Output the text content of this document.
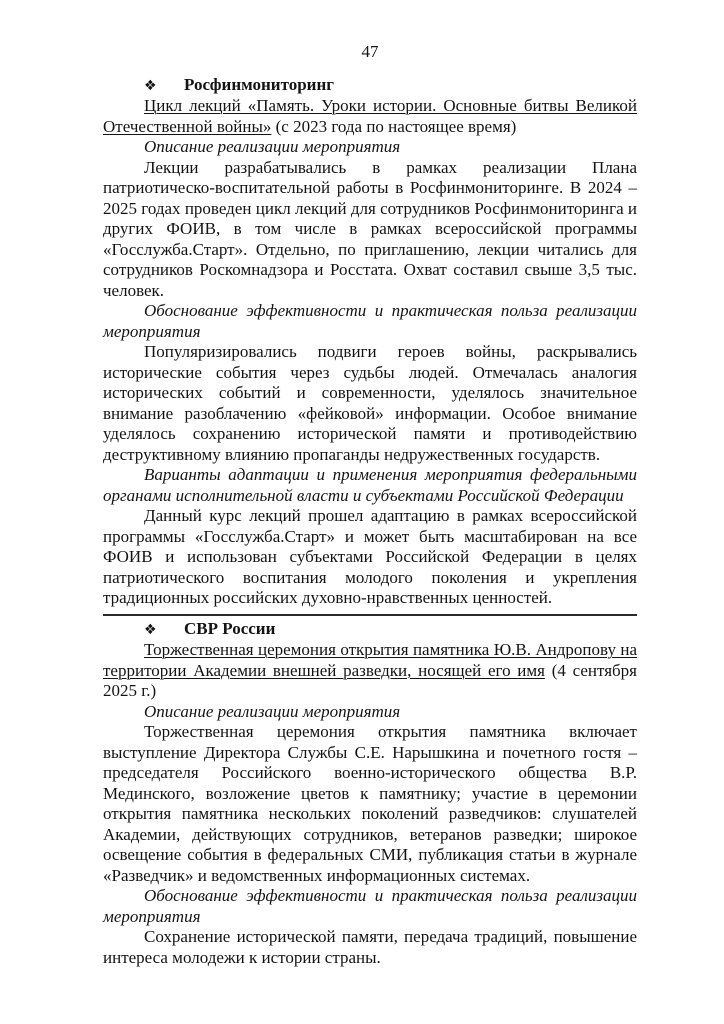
47

❖ Росфинмониторинг

Цикл лекций «Память. Уроки истории. Основные битвы Великой Отечественной войны» (с 2023 года по настоящее время)

Описание реализации мероприятия

Лекции разрабатывались в рамках реализации Плана патриотическо-воспитательной работы в Росфинмониторинге. В 2024 – 2025 годах проведен цикл лекций для сотрудников Росфинмониторинга и других ФОИВ, в том числе в рамках всероссийской программы «Госслужба.Старт». Отдельно, по приглашению, лекции читались для сотрудников Роскомнадзора и Росстата. Охват составил свыше 3,5 тыс. человек.

Обоснование эффективности и практическая польза реализации мероприятия

Популяризировались подвиги героев войны, раскрывались исторические события через судьбы людей. Отмечалась аналогия исторических событий и современности, уделялось значительное внимание разоблачению «фейковой» информации. Особое внимание уделялось сохранению исторической памяти и противодействию деструктивному влиянию пропаганды недружественных государств.

Варианты адаптации и применения мероприятия федеральными органами исполнительной власти и субъектами Российской Федерации

Данный курс лекций прошел адаптацию в рамках всероссийской программы «Госслужба.Старт» и может быть масштабирован на все ФОИВ и использован субъектами Российской Федерации в целях патриотического воспитания молодого поколения и укрепления традиционных российских духовно-нравственных ценностей.

❖ СВР России

Торжественная церемония открытия памятника Ю.В. Андропову на территории Академии внешней разведки, носящей его имя (4 сентября 2025 г.)

Описание реализации мероприятия

Торжественная церемония открытия памятника включает выступление Директора Службы С.Е. Нарышкина и почетного гостя – председателя Российского военно-исторического общества В.Р. Мединского, возложение цветов к памятнику; участие в церемонии открытия памятника нескольких поколений разведчиков: слушателей Академии, действующих сотрудников, ветеранов разведки; широкое освещение события в федеральных СМИ, публикация статьи в журнале «Разведчик» и ведомственных информационных системах.

Обоснование эффективности и практическая польза реализации мероприятия

Сохранение исторической памяти, передача традиций, повышение интереса молодежи к истории страны.
